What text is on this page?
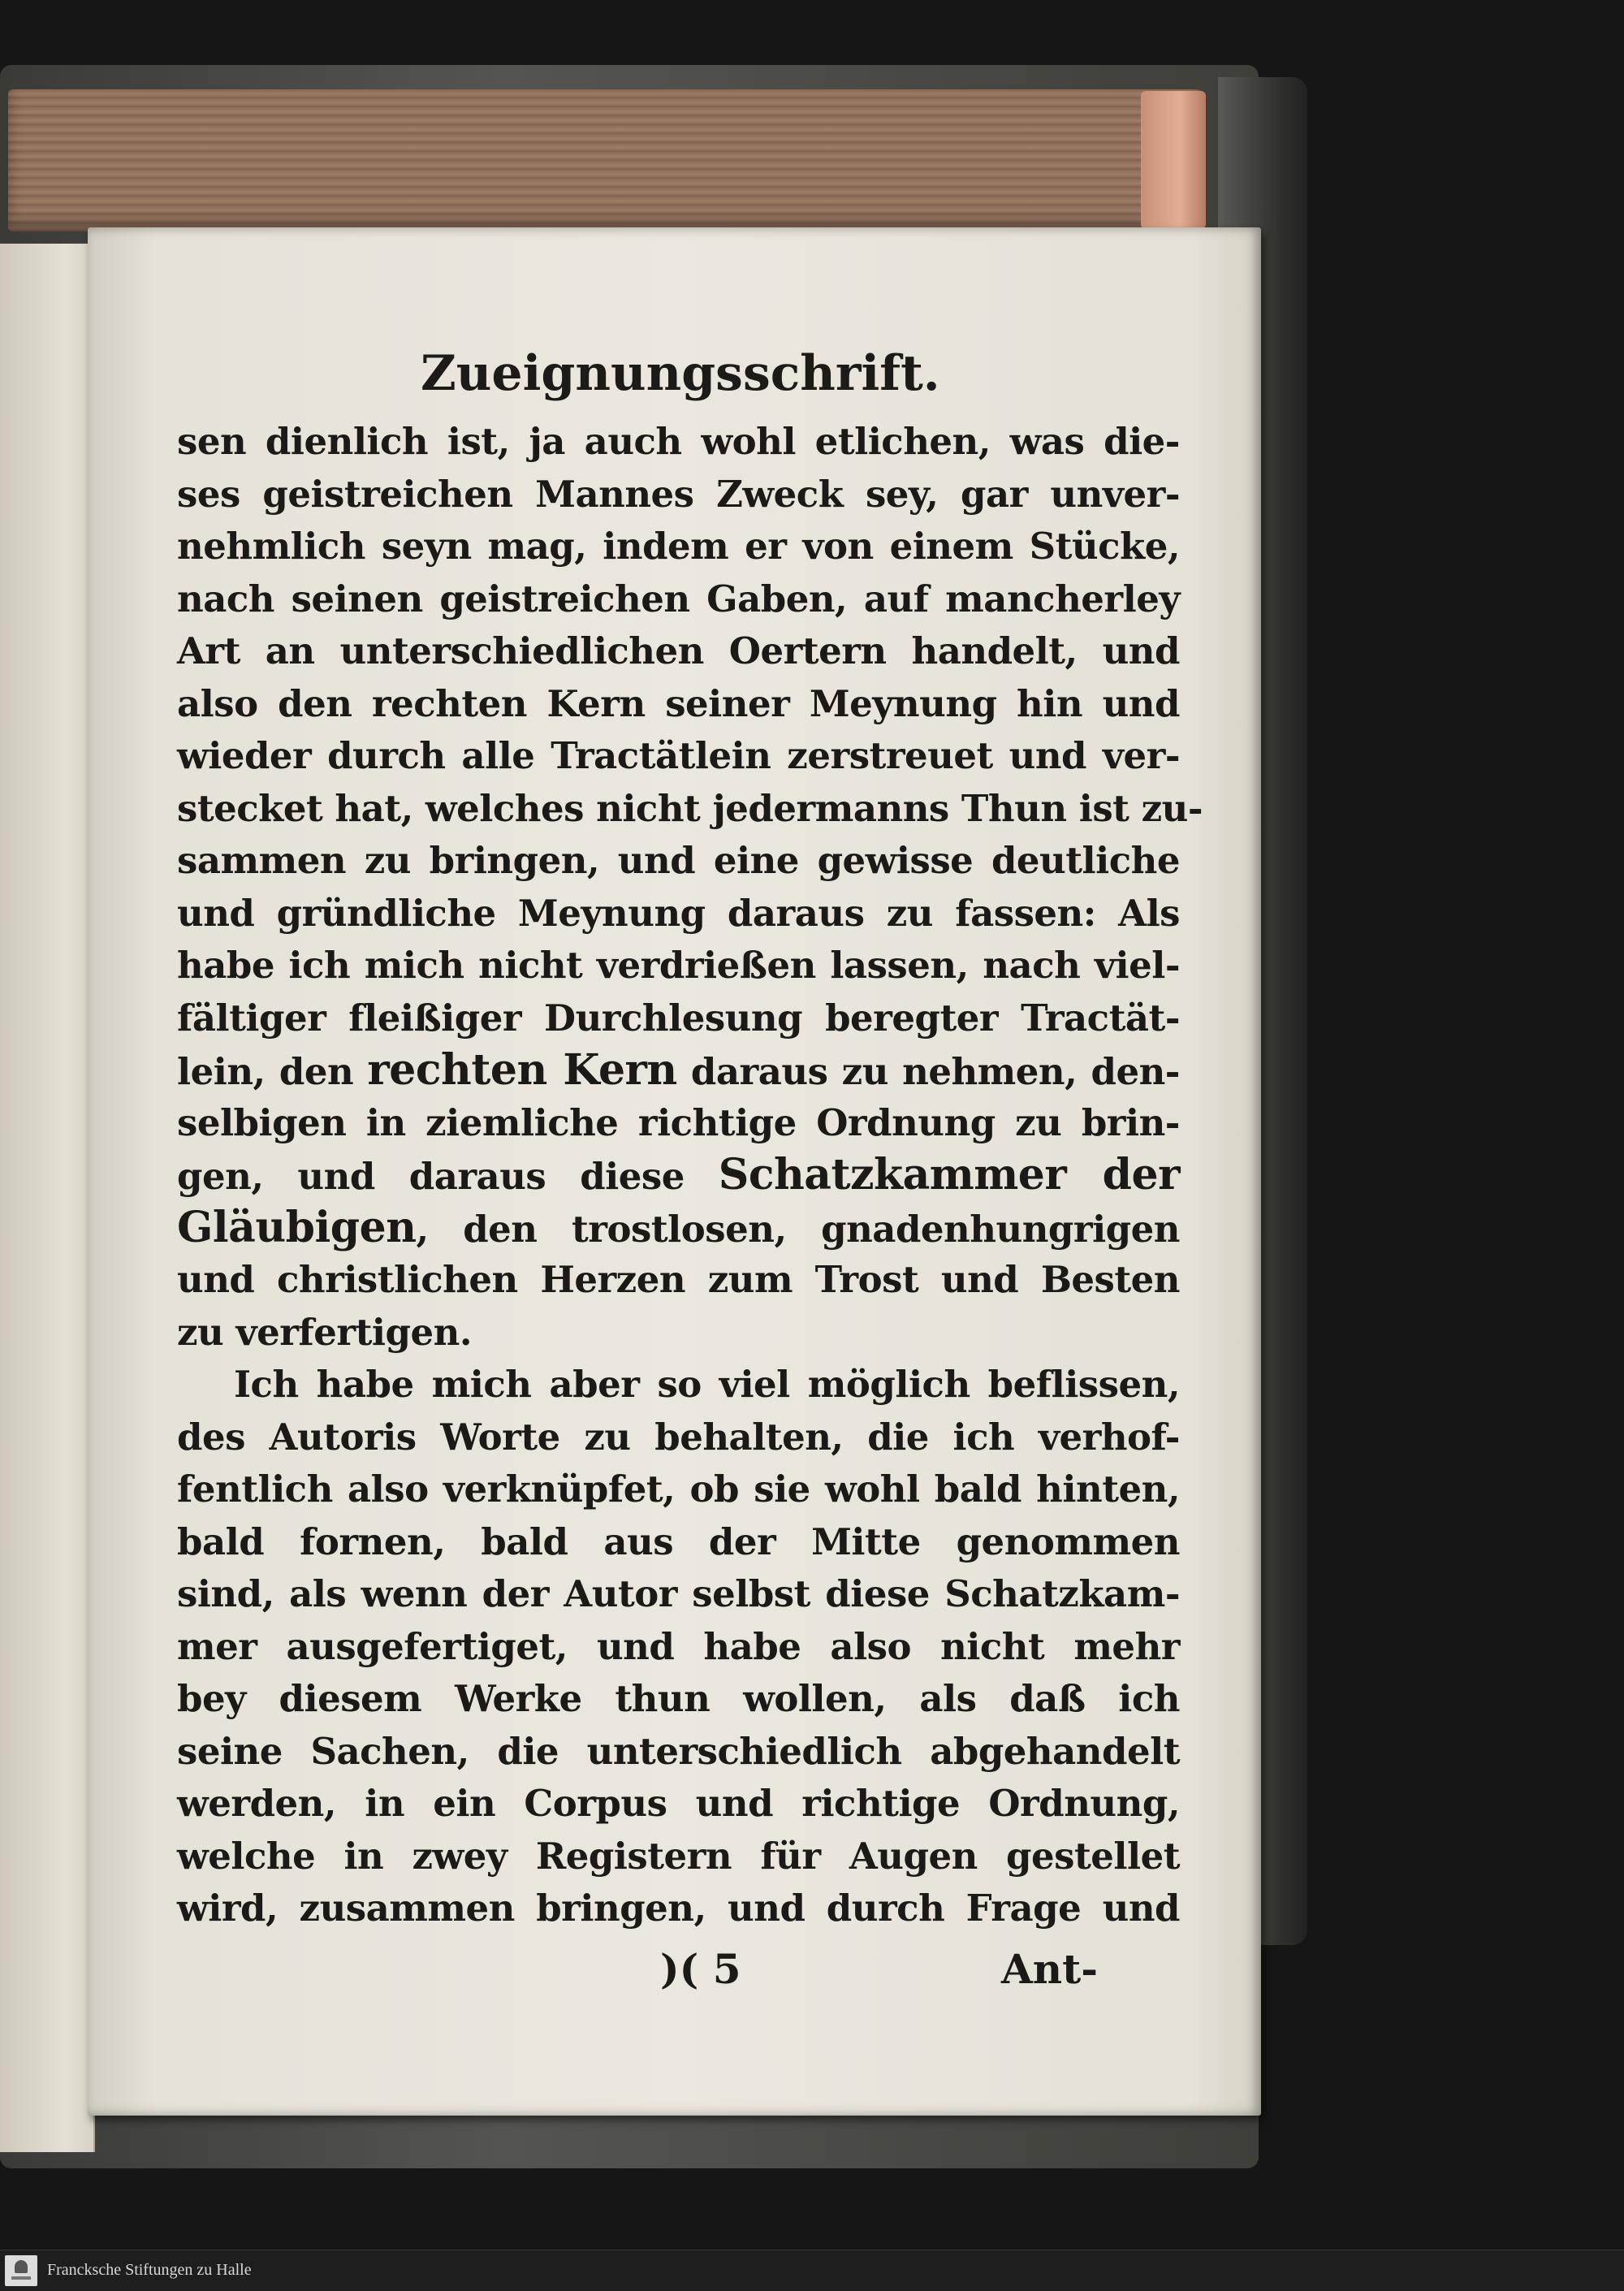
Zueignungsschrift.
sen dienlich ist, ja auch wohl etlichen, was die-
ses geistreichen Mannes Zweck sey, gar unver-
nehmlich seyn mag, indem er von einem Stücke,
nach seinen geistreichen Gaben, auf mancherley
Art an unterschiedlichen Oertern handelt, und
also den rechten Kern seiner Meynung hin und
wieder durch alle Tractätlein zerstreuet und ver-
stecket hat, welches nicht jedermanns Thun ist zu-
sammen zu bringen, und eine gewisse deutliche
und gründliche Meynung daraus zu fassen: Als
habe ich mich nicht verdrießen lassen, nach viel-
fältiger fleißiger Durchlesung beregter Tractät-
lein, den rechten Kern daraus zu nehmen, den-
selbigen in ziemliche richtige Ordnung zu brin-
gen, und daraus diese Schatzkammer der
Gläubigen, den trostlosen, gnadenhungrigen
und christlichen Herzen zum Trost und Besten
zu verfertigen.
Ich habe mich aber so viel möglich beflissen,
des Autoris Worte zu behalten, die ich verhof-
fentlich also verknüpfet, ob sie wohl bald hinten,
bald fornen, bald aus der Mitte genommen
sind, als wenn der Autor selbst diese Schatzkam-
mer ausgefertiget, und habe also nicht mehr
bey diesem Werke thun wollen, als daß ich
seine Sachen, die unterschiedlich abgehandelt
werden, in ein Corpus und richtige Ordnung,
welche in zwey Registern für Augen gestellet
wird, zusammen bringen, und durch Frage und
)( 5	Ant-
Francksche Stiftungen zu Halle
